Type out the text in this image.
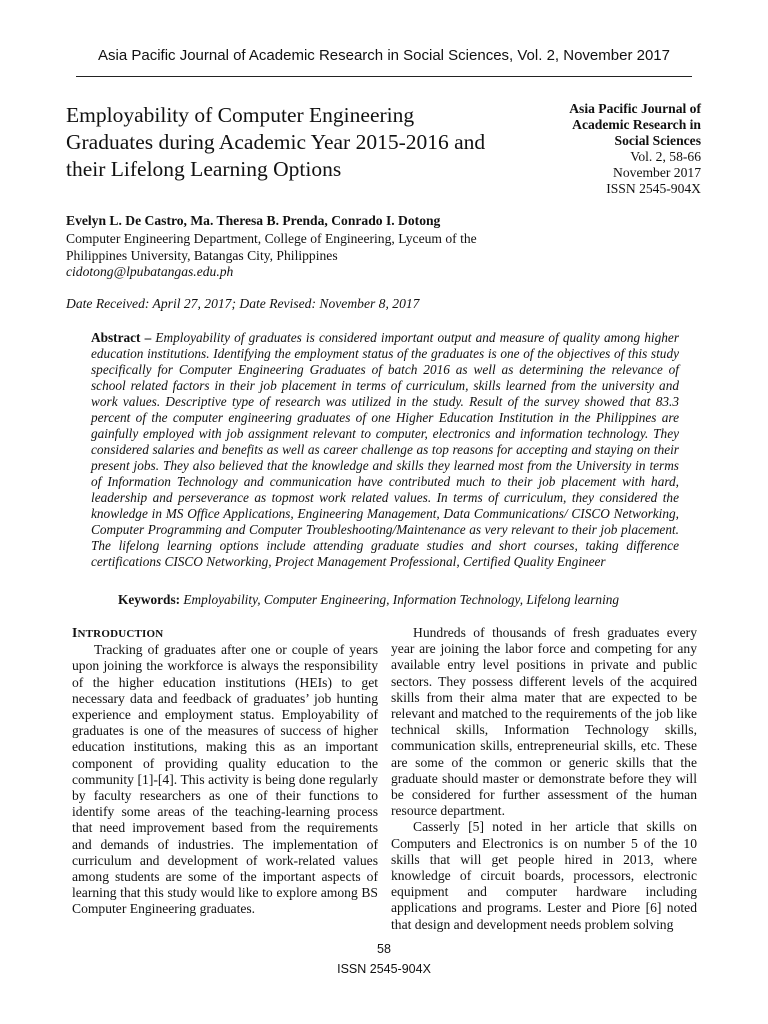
Asia Pacific Journal of Academic Research in Social Sciences, Vol. 2, November 2017
Employability of Computer Engineering Graduates during Academic Year 2015-2016 and their Lifelong Learning Options
Asia Pacific Journal of
Academic Research in
Social Sciences
Vol. 2, 58-66
November 2017
ISSN 2545-904X
Evelyn L. De Castro, Ma. Theresa B. Prenda, Conrado I. Dotong
Computer Engineering Department, College of Engineering, Lyceum of the Philippines University, Batangas City, Philippines
cidotong@lpubatangas.edu.ph
Date Received: April 27, 2017; Date Revised: November 8, 2017
Abstract – Employability of graduates is considered important output and measure of quality among higher education institutions. Identifying the employment status of the graduates is one of the objectives of this study specifically for Computer Engineering Graduates of batch 2016 as well as determining the relevance of school related factors in their job placement in terms of curriculum, skills learned from the university and work values. Descriptive type of research was utilized in the study. Result of the survey showed that 83.3 percent of the computer engineering graduates of one Higher Education Institution in the Philippines are gainfully employed with job assignment relevant to computer, electronics and information technology. They considered salaries and benefits as well as career challenge as top reasons for accepting and staying on their present jobs. They also believed that the knowledge and skills they learned most from the University in terms of Information Technology and communication have contributed much to their job placement with hard, leadership and perseverance as topmost work related values. In terms of curriculum, they considered the knowledge in MS Office Applications, Engineering Management, Data Communications/ CISCO Networking, Computer Programming and Computer Troubleshooting/Maintenance as very relevant to their job placement. The lifelong learning options include attending graduate studies and short courses, taking difference certifications CISCO Networking, Project Management Professional, Certified Quality Engineer
Keywords: Employability, Computer Engineering, Information Technology, Lifelong learning

INTRODUCTION

Tracking of graduates after one or couple of years upon joining the workforce is always the responsibility of the higher education institutions (HEIs) to get necessary data and feedback of graduates’ job hunting experience and employment status. Employability of graduates is one of the measures of success of higher education institutions, making this as an important component of providing quality education to the community [1]-[4]. This activity is being done regularly by faculty researchers as one of their functions to identify some areas of the teaching-learning process that need improvement based from the requirements and demands of industries. The implementation of curriculum and development of work-related values among students are some of the important aspects of learning that this study would like to explore among BS Computer Engineering graduates.

Hundreds of thousands of fresh graduates every year are joining the labor force and competing for any available entry level positions in private and public sectors. They possess different levels of the acquired skills from their alma mater that are expected to be relevant and matched to the requirements of the job like technical skills, Information Technology skills, communication skills, entrepreneurial skills, etc. These are some of the common or generic skills that the graduate should master or demonstrate before they will be considered for further assessment of the human resource department.

Casserly [5] noted in her article that skills on Computers and Electronics is on number 5 of the 10 skills that will get people hired in 2013, where knowledge of circuit boards, processors, electronic equipment and computer hardware including applications and programs. Lester and Piore [6] noted that design and development needs problem solving

58
ISSN 2545-904X
